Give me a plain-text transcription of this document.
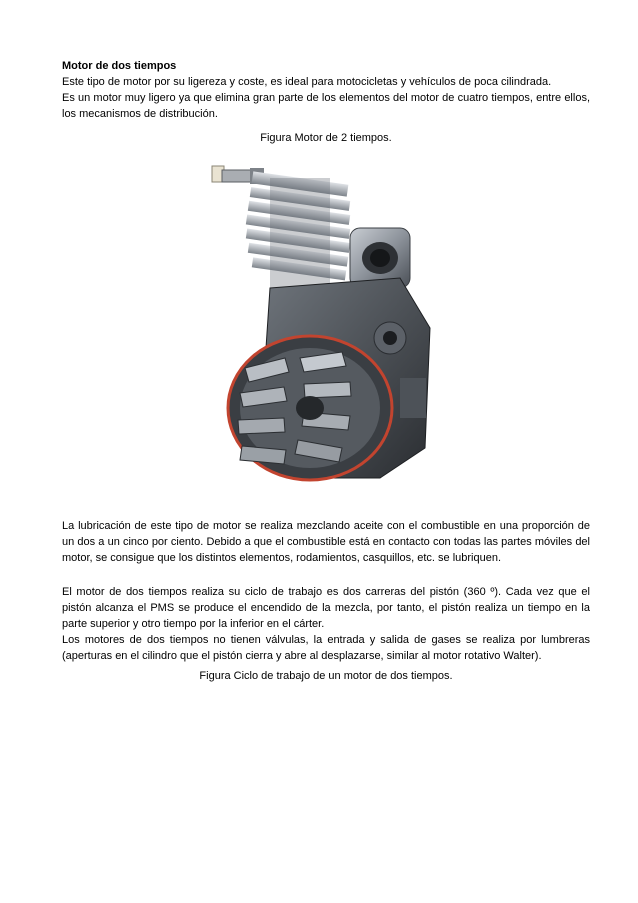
Motor de dos tiempos
Este tipo de motor por su ligereza y coste, es ideal para motocicletas y vehículos de poca cilindrada.
Es un motor muy ligero ya que elimina gran parte de los elementos del motor de cuatro tiempos, entre ellos, los mecanismos de distribución.
Figura Motor de 2 tiempos.
La lubricación de este tipo de motor se realiza mezclando aceite con el combustible en una proporción de un dos a un cinco por ciento. Debido a que el combustible está en contacto con todas las partes móviles del motor, se consigue que los distintos elementos, rodamientos, casquillos, etc. se lubriquen.
El motor de dos tiempos realiza su ciclo de trabajo es dos carreras del pistón (360 º). Cada vez que el pistón alcanza el PMS se produce el encendido de la mezcla, por tanto, el pistón realiza un tiempo en la parte superior y otro tiempo por la inferior en el cárter.
Los motores de dos tiempos no tienen válvulas, la entrada y salida de gases se realiza por lumbreras (aperturas en el cilindro que el pistón cierra y abre al desplazarse, similar al motor rotativo Walter).
Figura Ciclo de trabajo de un motor de dos tiempos.
